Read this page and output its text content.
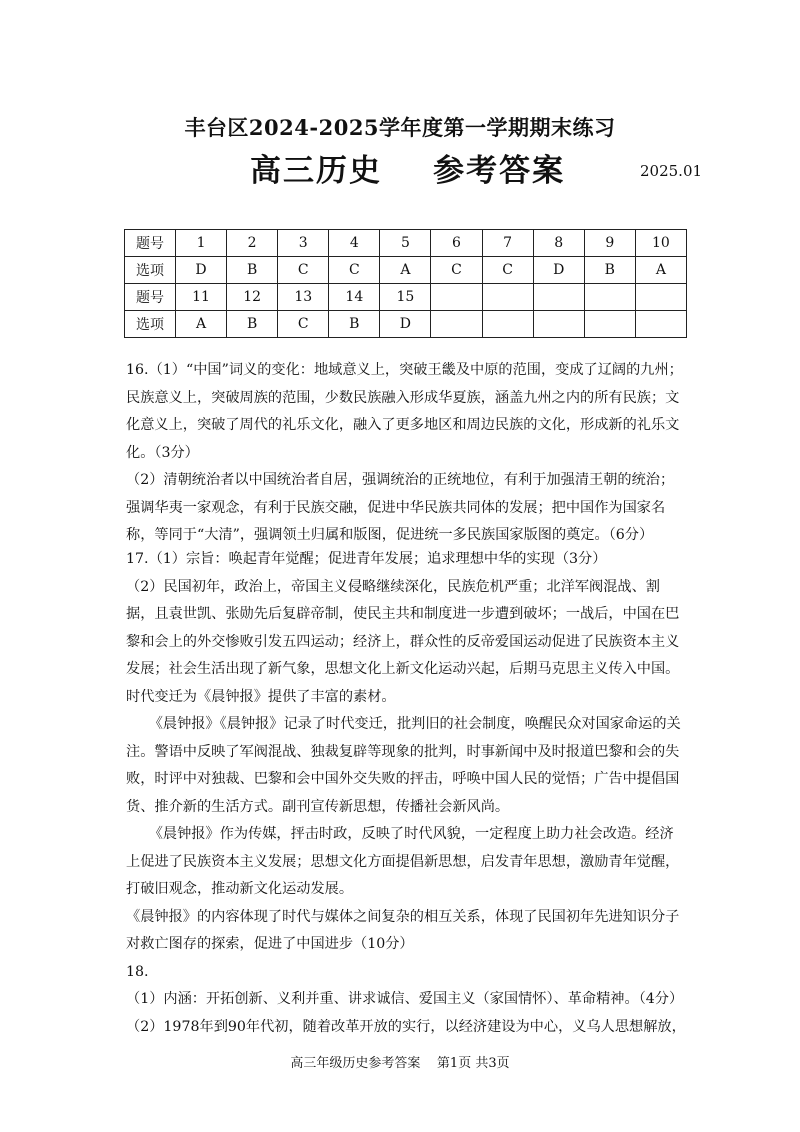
丰台区2024-2025学年度第一学期期末练习
高三历史    参考答案	2025.01
题号	1	2	3	4	5	6	7	8	9	10
选项	D	B	C	C	A	C	C	D	B	A
题号	11	12	13	14	15					
选项	A	B	C	B	D					

16.（1）“中国”词义的变化：地域意义上，突破王畿及中原的范围，变成了辽阔的九州；民族意义上，突破周族的范围，少数民族融入形成华夏族，涵盖九州之内的所有民族；文化意义上，突破了周代的礼乐文化，融入了更多地区和周边民族的文化，形成新的礼乐文化。（3分）

（2）清朝统治者以中国统治者自居，强调统治的正统地位，有利于加强清王朝的统治；强调华夷一家观念，有利于民族交融，促进中华民族共同体的发展；把中国作为国家名称，等同于“大清”，强调领土归属和版图，促进统一多民族国家版图的奠定。（6分）

17.（1）宗旨：唤起青年觉醒；促进青年发展；追求理想中华的实现（3分）

（2）民国初年，政治上，帝国主义侵略继续深化，民族危机严重；北洋军阀混战、割据，且袁世凯、张勋先后复辟帝制，使民主共和制度进一步遭到破坏；一战后，中国在巴黎和会上的外交惨败引发五四运动；经济上，群众性的反帝爱国运动促进了民族资本主义发展；社会生活出现了新气象，思想文化上新文化运动兴起，后期马克思主义传入中国。时代变迁为《晨钟报》提供了丰富的素材。

《晨钟报》《晨钟报》记录了时代变迁，批判旧的社会制度，唤醒民众对国家命运的关注。警语中反映了军阀混战、独裁复辟等现象的批判，时事新闻中及时报道巴黎和会的失败，时评中对独裁、巴黎和会中国外交失败的抨击，呼唤中国人民的觉悟；广告中提倡国货、推介新的生活方式。副刊宣传新思想，传播社会新风尚。

《晨钟报》作为传媒，抨击时政，反映了时代风貌，一定程度上助力社会改造。经济上促进了民族资本主义发展；思想文化方面提倡新思想，启发青年思想，激励青年觉醒，打破旧观念，推动新文化运动发展。

《晨钟报》的内容体现了时代与媒体之间复杂的相互关系，体现了民国初年先进知识分子对救亡图存的探索，促进了中国进步（10分）

18.

（1）内涵：开拓创新、义利并重、讲求诚信、爱国主义（家国情怀）、革命精神。（4分）

（2）1978年到90年代初，随着改革开放的实行，以经济建设为中心，义乌人思想解放，

高三年级历史参考答案    第1页 共3页
